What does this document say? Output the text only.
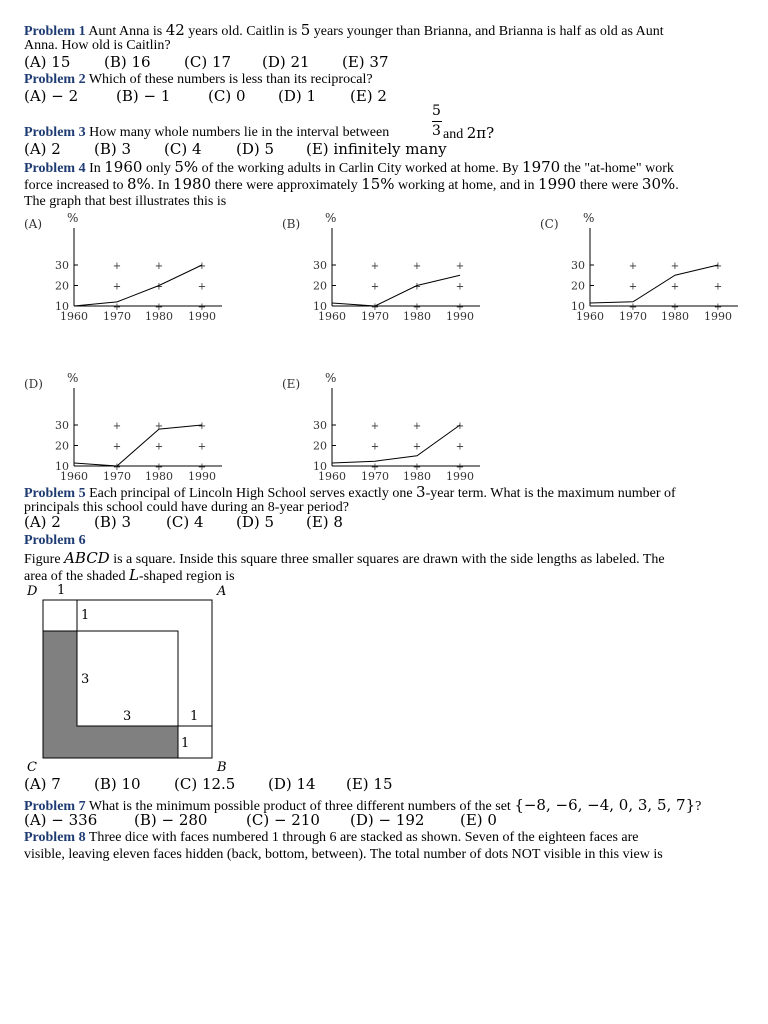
Problem 1 Aunt Anna is 42 years old. Caitlin is 5 years younger than Brianna, and Brianna is half as old as Aunt
Anna. How old is Caitlin?
(A) 15 (B) 16 (C) 17 (D) 21 (E) 37
Problem 2 Which of these numbers is less than its reciprocal?
(A) − 2	(B) − 1	(C) 0 (D) 1 (E) 2
Problem 3 How many whole numbers lie in the interval between
5
3 and 2π?
(A) 2 (B) 3 (C) 4 (D) 5 (E) infinitely many
Problem 4 In 1960 only 5% of the working adults in Carlin City worked at home. By 1970 the "at-home" work
force increased to 8%. In 1980 there were approximately 15% working at home, and in 1990 there were 30%.
The graph that best illustrates this is
(A) %
30	+	+	+
20	+	+	+
10	+	+	+
1960 1970 1980 1990
(B) %
30	+	+	+
20	+	+	+
10	+	+	+
1960 1970 1980 1990
(C) %
30	+	+	+
20	+	+	+
10	+	+	+
1960 1970 1980 1990
(D) %
30	+	+	+
20	+	+	+
10	+	+	+
1960 1970 1980 1990
(E) %
30	+	+	+
20	+	+	+
10	+	+	+
1960 1970 1980 1990
Problem 5 Each principal of Lincoln High School serves exactly one 3-year term. What is the maximum number of
principals this school could have during an 8-year period?
(A) 2 (B) 3 (C) 4 (D) 5 (E) 8
Problem 6
Figure ABCD is a square. Inside this square three smaller squares are drawn with the side lengths as labeled. The
area of the shaded L-shaped region is
D 1	A
1
3
3	1
1
C	B
(A) 7 (B) 10 (C) 12.5 (D) 14 (E) 15
Problem 7 What is the minimum possible product of three different numbers of the set {−8, −6, −4, 0, 3, 5, 7}?
(A) − 336 (B) − 280	(C) − 210 (D) − 192 (E) 0
Problem 8 Three dice with faces numbered 1 through 6 are stacked as shown. Seven of the eighteen faces are
visible, leaving eleven faces hidden (back, bottom, between). The total number of dots NOT visible in this view is
